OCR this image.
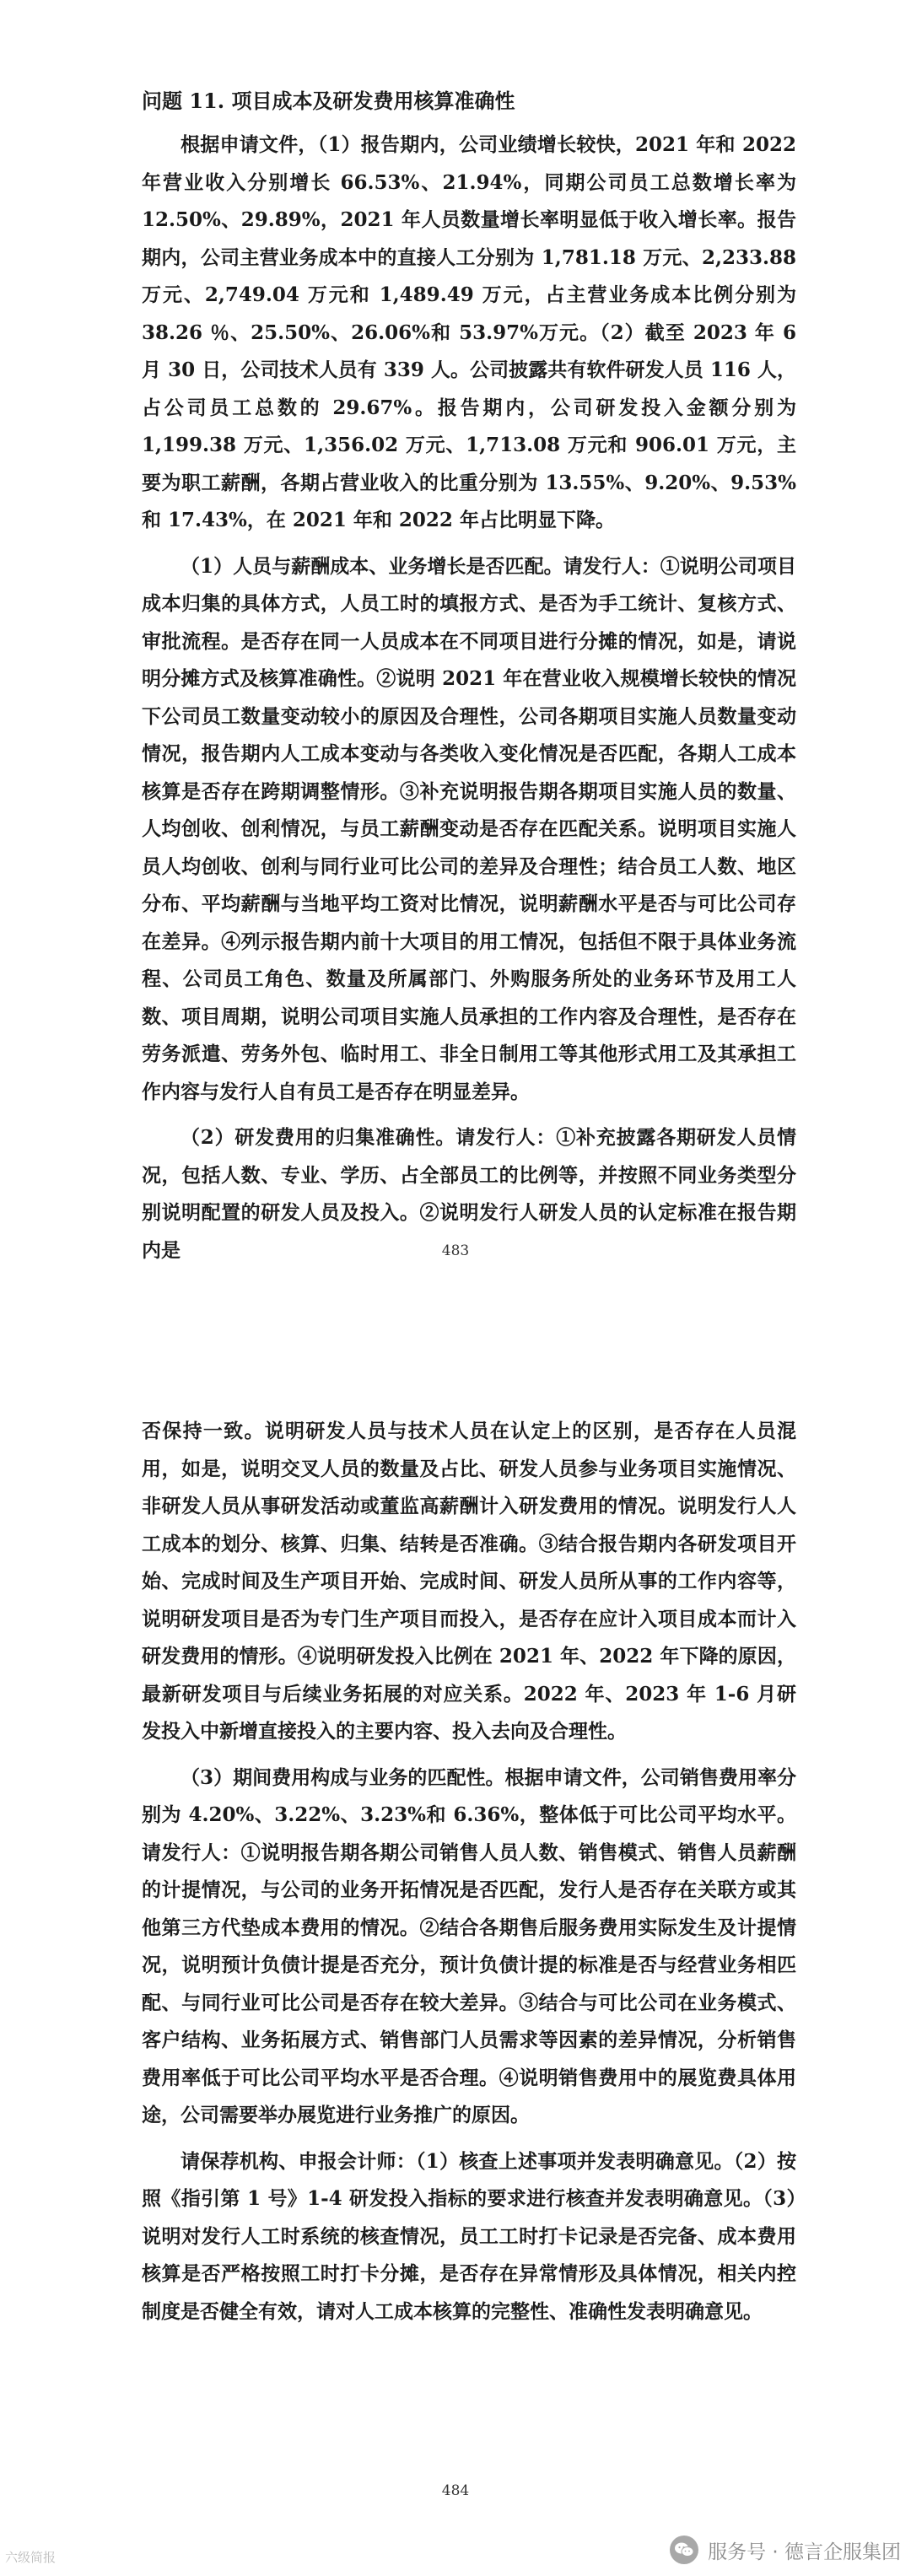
问题 11. 项目成本及研发费用核算准确性

根据申请文件，（1）报告期内，公司业绩增长较快，2021 年和 2022 年营业收入分别增长 66.53%、21.94%，同期公司员工总数增长率为 12.50%、29.89%，2021 年人员数量增长率明显低于收入增长率。报告期内，公司主营业务成本中的直接人工分别为 1,781.18 万元、2,233.88 万元、2,749.04 万元和 1,489.49 万元，占主营业务成本比例分别为 38.26 ％、25.50%、26.06%和 53.97%万元。（2）截至 2023 年 6 月 30 日，公司技术人员有 339 人。公司披露共有软件研发人员 116 人，占公司员工总数的 29.67%。报告期内，公司研发投入金额分别为 1,199.38 万元、1,356.02 万元、1,713.08 万元和 906.01 万元，主要为职工薪酬，各期占营业收入的比重分别为 13.55%、9.20%、9.53%和 17.43%，在 2021 年和 2022 年占比明显下降。

（1）人员与薪酬成本、业务增长是否匹配。请发行人：①说明公司项目成本归集的具体方式，人员工时的填报方式、是否为手工统计、复核方式、审批流程。是否存在同一人员成本在不同项目进行分摊的情况，如是，请说明分摊方式及核算准确性。②说明 2021 年在营业收入规模增长较快的情况下公司员工数量变动较小的原因及合理性，公司各期项目实施人员数量变动情况，报告期内人工成本变动与各类收入变化情况是否匹配，各期人工成本核算是否存在跨期调整情形。③补充说明报告期各期项目实施人员的数量、人均创收、创利情况，与员工薪酬变动是否存在匹配关系。说明项目实施人员人均创收、创利与同行业可比公司的差异及合理性；结合员工人数、地区分布、平均薪酬与当地平均工资对比情况，说明薪酬水平是否与可比公司存在差异。④列示报告期内前十大项目的用工情况，包括但不限于具体业务流程、公司员工角色、数量及所属部门、外购服务所处的业务环节及用工人数、项目周期，说明公司项目实施人员承担的工作内容及合理性，是否存在劳务派遣、劳务外包、临时用工、非全日制用工等其他形式用工及其承担工作内容与发行人自有员工是否存在明显差异。

（2）研发费用的归集准确性。请发行人：①补充披露各期研发人员情况，包括人数、专业、学历、占全部员工的比例等，并按照不同业务类型分别说明配置的研发人员及投入。②说明发行人研发人员的认定标准在报告期内是	483

否保持一致。说明研发人员与技术人员在认定上的区别，是否存在人员混用，如是，说明交叉人员的数量及占比、研发人员参与业务项目实施情况、非研发人员从事研发活动或董监高薪酬计入研发费用的情况。说明发行人人工成本的划分、核算、归集、结转是否准确。③结合报告期内各研发项目开始、完成时间及生产项目开始、完成时间、研发人员所从事的工作内容等，说明研发项目是否为专门生产项目而投入，是否存在应计入项目成本而计入研发费用的情形。④说明研发投入比例在 2021 年、2022 年下降的原因，最新研发项目与后续业务拓展的对应关系。2022 年、2023 年 1-6 月研发投入中新增直接投入的主要内容、投入去向及合理性。

（3）期间费用构成与业务的匹配性。根据申请文件，公司销售费用率分别为 4.20%、3.22%、3.23%和 6.36%，整体低于可比公司平均水平。请发行人：①说明报告期各期公司销售人员人数、销售模式、销售人员薪酬的计提情况，与公司的业务开拓情况是否匹配，发行人是否存在关联方或其他第三方代垫成本费用的情况。②结合各期售后服务费用实际发生及计提情况，说明预计负债计提是否充分，预计负债计提的标准是否与经营业务相匹配、与同行业可比公司是否存在较大差异。③结合与可比公司在业务模式、客户结构、业务拓展方式、销售部门人员需求等因素的差异情况，分析销售费用率低于可比公司平均水平是否合理。④说明销售费用中的展览费具体用途，公司需要举办展览进行业务推广的原因。

请保荐机构、申报会计师：（1）核查上述事项并发表明确意见。（2）按照《指引第 1 号》1-4 研发投入指标的要求进行核查并发表明确意见。（3）说明对发行人工时系统的核查情况，员工工时打卡记录是否完备、成本费用核算是否严格按照工时打卡分摊，是否存在异常情形及具体情况，相关内控制度是否健全有效，请对人工成本核算的完整性、准确性发表明确意见。

484
六级简报	服务号 · 德言企服集团
